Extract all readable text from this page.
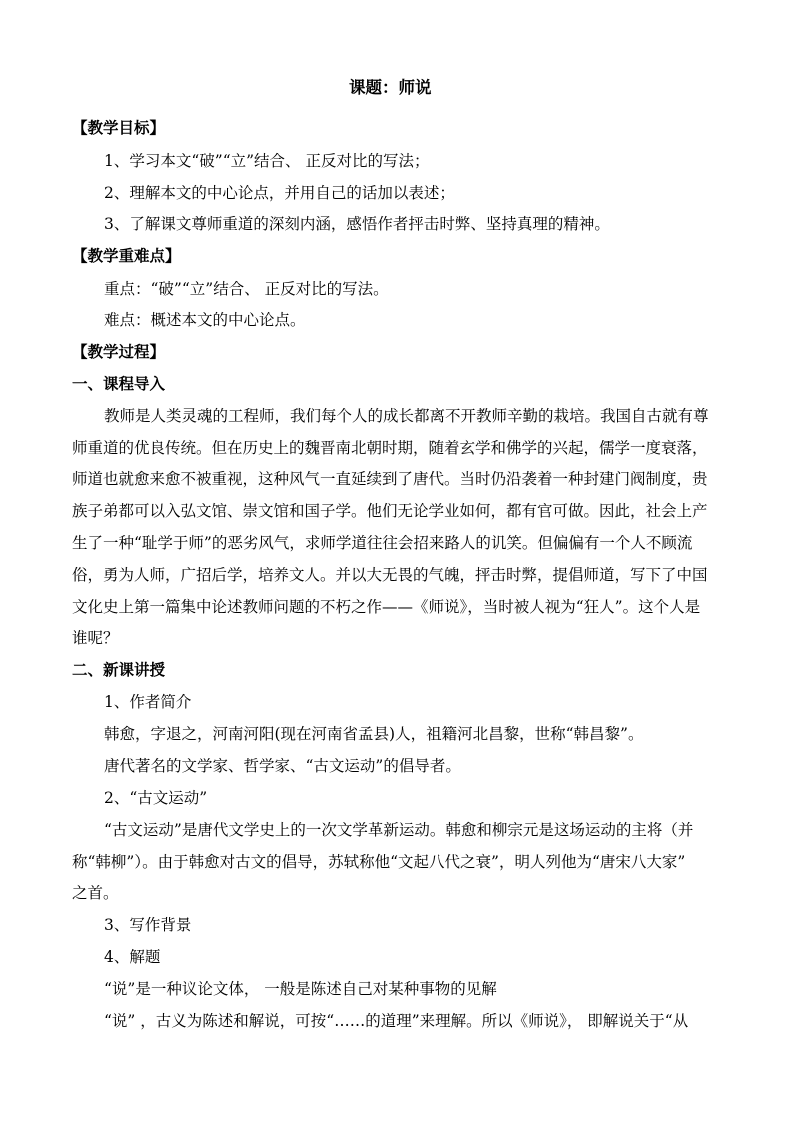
课题：师说
【教学目标】
1、学习本文“破”“立”结合、 正反对比的写法；
2、理解本文的中心论点，并用自己的话加以表述；
3、了解课文尊师重道的深刻内涵，感悟作者抨击时弊、坚持真理的精神。
【教学重难点】
重点：“破”“立”结合、 正反对比的写法。
难点：概述本文的中心论点。
【教学过程】
一、课程导入
教师是人类灵魂的工程师，我们每个人的成长都离不开教师辛勤的栽培。我国自古就有尊
师重道的优良传统。但在历史上的魏晋南北朝时期，随着玄学和佛学的兴起，儒学一度衰落，
师道也就愈来愈不被重视，这种风气一直延续到了唐代。当时仍沿袭着一种封建门阀制度，贵
族子弟都可以入弘文馆、崇文馆和国子学。他们无论学业如何，都有官可做。因此，社会上产
生了一种“耻学于师”的恶劣风气，求师学道往往会招来路人的讥笑。但偏偏有一个人不顾流
俗，勇为人师，广招后学，培养文人。并以大无畏的气魄，抨击时弊，提倡师道，写下了中国
文化史上第一篇集中论述教师问题的不朽之作——《师说》，当时被人视为“狂人”。这个人是
谁呢？
二、新课讲授
1、作者简介
韩愈，字退之，河南河阳(现在河南省孟县)人，祖籍河北昌黎，世称“韩昌黎”。
唐代著名的文学家、哲学家、“古文运动”的倡导者。
2、“古文运动”
“古文运动”是唐代文学史上的一次文学革新运动。韩愈和柳宗元是这场运动的主将（并
称“韩柳”）。由于韩愈对古文的倡导，苏轼称他“文起八代之衰”，明人列他为“唐宋八大家”
之首。
3、写作背景
4、解题
“说”是一种议论文体， 一般是陈述自己对某种事物的见解
“说” ，古义为陈述和解说，可按“……的道理”来理解。所以《师说》， 即解说关于“从
